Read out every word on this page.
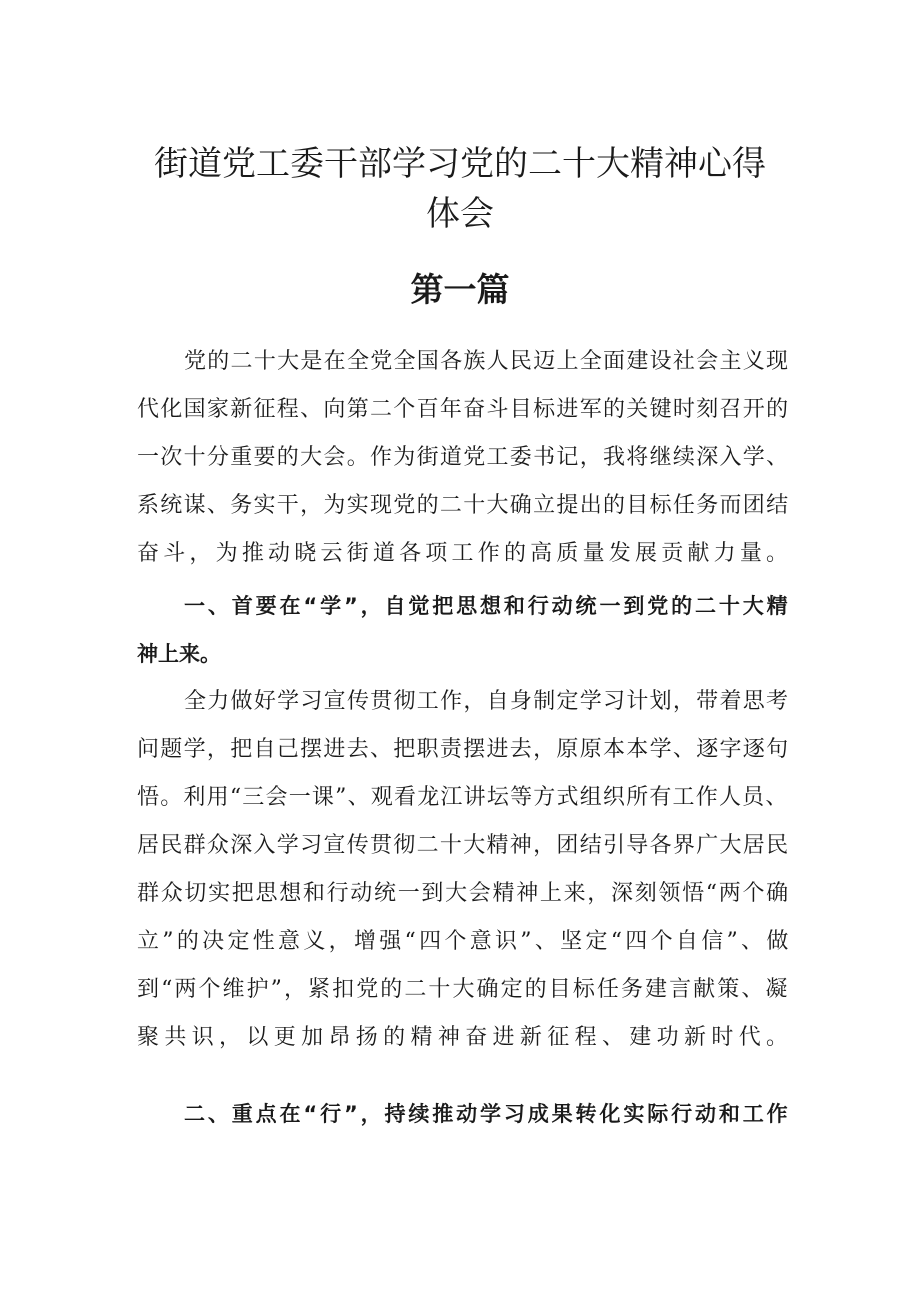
街道党工委干部学习党的二十大精神心得
体会
第一篇
党的二十大是在全党全国各族人民迈上全面建设社会主义现
代化国家新征程、向第二个百年奋斗目标进军的关键时刻召开的
一次十分重要的大会。作为街道党工委书记，我将继续深入学、
系统谋、务实干，为实现党的二十大确立提出的目标任务而团结
奋斗，为推动晓云街道各项工作的高质量发展贡献力量。
一、首要在“学”，自觉把思想和行动统一到党的二十大精
神上来。
全力做好学习宣传贯彻工作，自身制定学习计划，带着思考
问题学，把自己摆进去、把职责摆进去，原原本本学、逐字逐句
悟。利用“三会一课”、观看龙江讲坛等方式组织所有工作人员、
居民群众深入学习宣传贯彻二十大精神，团结引导各界广大居民
群众切实把思想和行动统一到大会精神上来，深刻领悟“两个确
立”的决定性意义，增强“四个意识”、坚定“四个自信”、做
到“两个维护”，紧扣党的二十大确定的目标任务建言献策、凝
聚共识，以更加昂扬的精神奋进新征程、建功新时代。
二、重点在“行”，持续推动学习成果转化实际行动和工作
